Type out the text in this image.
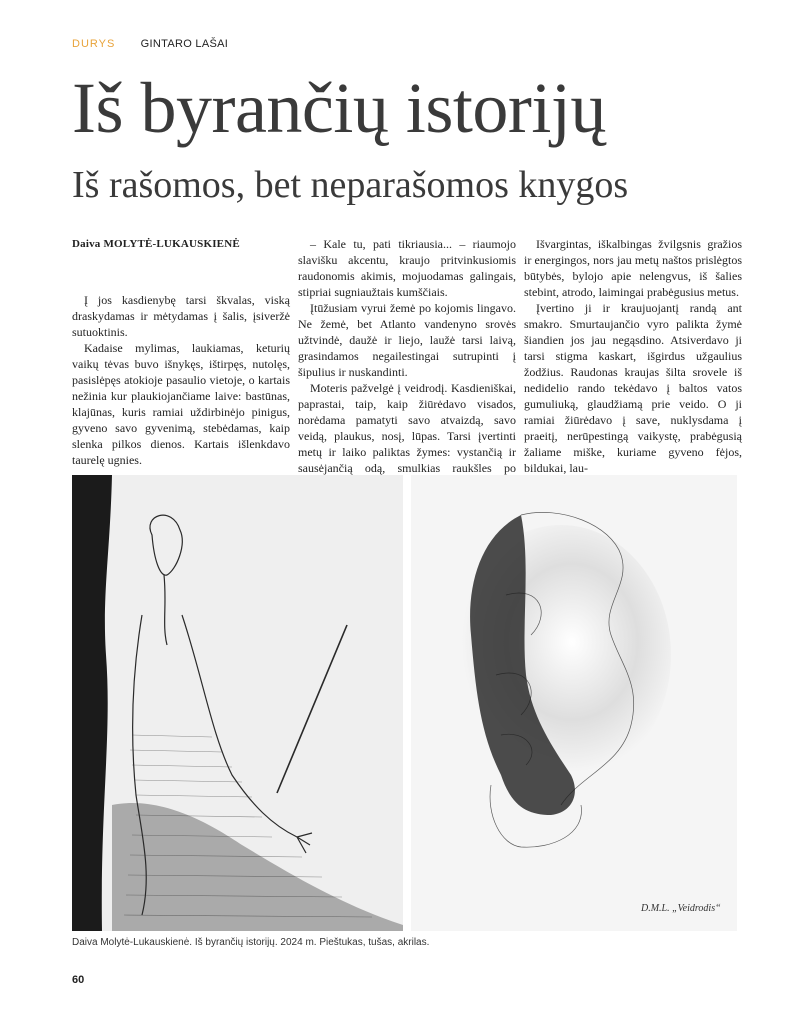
DURYS GINTARO LAŠAI
Iš byrančių istorijų
Iš rašomos, bet neparašomos knygos

Daiva MOLYTĖ-LUKAUSKIENĖ

Į jos kasdienybę tarsi škvalas, viską draskydamas ir mėtydamas į šalis, įsiveržė sutuoktinis.

Kadaise mylimas, laukiamas, keturių vaikų tėvas buvo išnykęs, ištirpęs, nutolęs, pasislėpęs atokioje pasaulio vietoje, o kartais nežinia kur plaukiojančiame laive: bastūnas, klajūnas, kuris ramiai uždirbinėjo pinigus, gyveno savo gyvenimą, stebėdamas, kaip slenka pilkos dienos. Kartais išlenkdavo taurelę ugnies.

– Kale tu, pati tikriausia... – riaumojo slavišku akcentu, kraujo pritvinkusiomis raudonomis akimis, mojuodamas galingais, stipriai sugniaužtais kumščiais.

Įtūžusiam vyrui žemė po kojomis lingavo. Ne žemė, bet Atlanto vandenyno srovės užtvindė, daužė ir liejo, laužė tarsi laivą, grasindamos negailestingai sutrupinti į šipulius ir nuskandinti.

Moteris pažvelgė į veidrodį. Kasdieniškai, paprastai, taip, kaip žiūrėdavo visados, norėdama pamatyti savo atvaizdą, savo veidą, plaukus, nosį, lūpas. Tarsi įvertinti metų ir laiko paliktas žymes: vystančią ir sausėjančią odą, smulkias raukšles po

Išvargintas, iškalbingas žvilgsnis gražios ir energingos, nors jau metų naštos prislėgtos būtybės, bylojo apie nelengvus, iš šalies stebint, atrodo, laimingai prabėgusius metus.

Įvertino ji ir kraujuojantį randą ant smakro. Smurtaujančio vyro palikta žymė šiandien jos jau negąsdino. Atsiverdavo ji tarsi stigma kaskart, išgirdus užgaulius žodžius. Raudonas kraujas šilta srovele iš nedidelio rando tekėdavo į baltos vatos gumuliuką, glaudžiamą prie veido. O ji ramiai žiūrėdavo į save, nuklysdama į praeitį, nerūpestingą vaikystę, prabėgusią žaliame miške, kuriame gyveno fėjos, bildukai, lau-

D.M.L. „Veidrodis“
Daiva Molytė-Lukauskienė. Iš byrančių istorijų. 2024 m. Pieštukas, tušas, akrilas.
60
